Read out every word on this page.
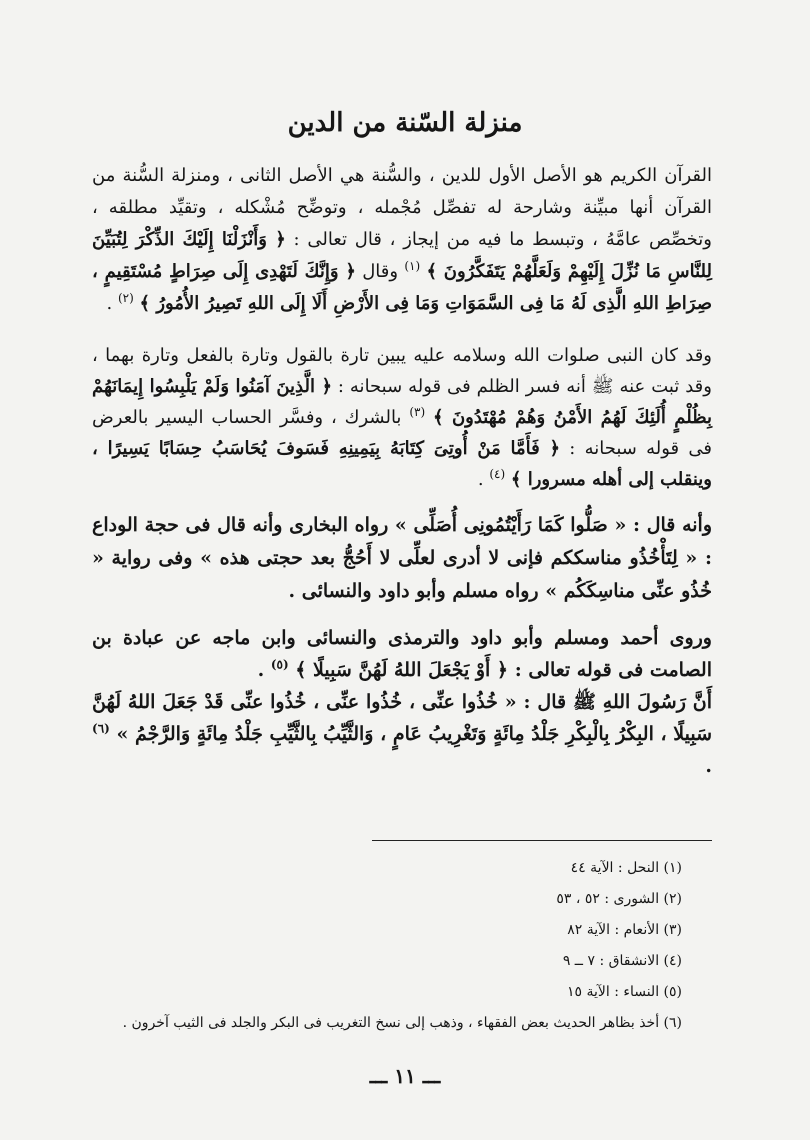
منزلة السّنة من الدين

القرآن الكريم هو الأصل الأول للدين ، والسُّنة هي الأصل الثانى ، ومنزلة السُّنة من القرآن أنها مبيِّنة وشارحة له تفصِّل مُجْمله ، وتوضِّح مُشْكله ، وتقيِّد مطلقه ، وتخصِّص عامَّهُ ، وتبسط ما فيه من إيجاز ، قال تعالى : ﴿ وَأَنْزَلْنَا إِلَيْكَ الذِّكْرَ لِتُبَيِّنَ لِلنَّاسِ مَا نُزِّلَ إِلَيْهِمْ وَلَعَلَّهُمْ يَتَفَكَّرُونَ ﴾ $^{(١)}$ وقال ﴿ وَإِنَّكَ لَتَهْدِى إِلَى صِرَاطٍ مُسْتَقِيمٍ ، صِرَاطِ اللهِ الَّذِى لَهُ مَا فِى السَّمَوَاتِ وَمَا فِى الأَرْضِ أَلَا إِلَى اللهِ تَصِيرُ الأُمُورُ ﴾ $^{(٢)}$ .

وقد كان النبى صلوات الله وسلامه عليه يبين تارة بالقول وتارة بالفعل وتارة بهما ، وقد ثبت عنه ﷺ أنه فسر الظلم فى قوله سبحانه : ﴿ الَّذِينَ آمَنُوا وَلَمْ يَلْبِسُوا إِيمَانَهُمْ بِظُلْمٍ أُلَئِكَ لَهُمُ الأَمْنُ وَهُمْ مُهْتَدُونَ ﴾ $^{(٣)}$ بالشرك ، وفسَّر الحساب اليسير بالعرض فى قوله سبحانه : ﴿ فَأَمَّا مَنْ أُوتِىَ كِتَابَهُ بِيَمِينِهِ فَسَوفَ يُحَاسَبُ حِسَابًا يَسِيرًا ، وينقلب إلى أهله مسرورا ﴾ $^{(٤)}$ .

وأنه قال : « صَلُّوا كَمَا رَأَيْتُمُونِى أُصَلِّى » رواه البخارى وأنه قال فى حجة الوداع : « لِتَأْخُذُو مناسككم فإنى لا أدرى لعلِّى لا أَحُجُّ بعد حجتى هذه » وفى رواية « خُذُو عنِّى مناسِكَكُم » رواه مسلم وأبو داود والنسائى .

وروى أحمد ومسلم وأبو داود والترمذى والنسائى وابن ماجه عن عبادة بن الصامت فى قوله تعالى : ﴿ أَوْ يَجْعَلَ اللهُ لَهُنَّ سَبِيلًا ﴾ $^{(٥)}$ .

أَنَّ رَسُولَ اللهِ ﷺ قال : « خُذُوا عنِّى ، خُذُوا عنِّى ، خُذُوا عنِّى قَدْ جَعَلَ اللهُ لَهُنَّ سَبِيلًا ، البِكْرُ بِالْبِكْرِ جَلْدُ مِائَةٍ وَتَغْرِيبُ عَامٍ ، وَالثَّيِّبُ بِالثَّيِّبِ جَلْدُ مِائَةٍ وَالرَّجْمُ » $^{(٦)}$ .

(١) النحل : الآية ٤٤
(٢) الشورى : ٥٢ ، ٥٣
(٣) الأنعام : الآية ٨٢
(٤) الانشقاق : ٧ ــ ٩
(٥) النساء : الآية ١٥
(٦) أخذ بظاهر الحديث بعض الفقهاء ، وذهب إلى نسخ التغريب فى البكر والجلد فى الثيب آخرون .
ـــ ١١ ـــ
